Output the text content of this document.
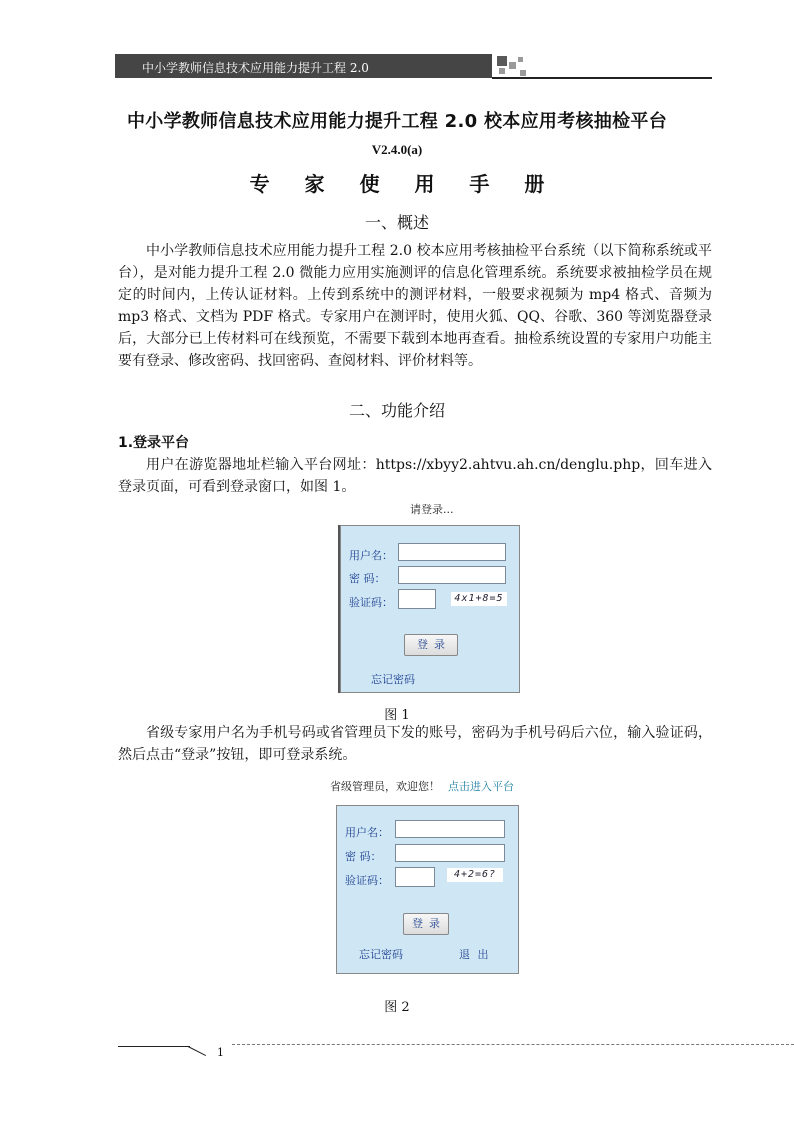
中小学教师信息技术应用能力提升工程 2.0
中小学教师信息技术应用能力提升工程 2.0 校本应用考核抽检平台
V2.4.0(a)
专 家 使 用 手 册
一、概述

中小学教师信息技术应用能力提升工程 2.0 校本应用考核抽检平台系统（以下简称系统或平台），是对能力提升工程 2.0 微能力应用实施测评的信息化管理系统。系统要求被抽检学员在规定的时间内，上传认证材料。上传到系统中的测评材料，一般要求视频为 mp4 格式、音频为 mp3 格式、文档为 PDF 格式。专家用户在测评时，使用火狐、QQ、谷歌、360 等浏览器登录后，大部分已上传材料可在线预览，不需要下载到本地再查看。抽检系统设置的专家用户功能主要有登录、修改密码、找回密码、查阅材料、评价材料等。

二、功能介绍
1.登录平台

用户在游览器地址栏输入平台网址：https://xbyy2.ahtvu.ah.cn/denglu.php，回车进入登录页面，可看到登录窗口，如图 1。

请登录...
用户名：
密 码：
验证码：	4x1+8=5
登录
忘记密码
图 1

省级专家用户名为手机号码或省管理员下发的账号，密码为手机号码后六位，输入验证码，然后点击“登录”按钮，即可登录系统。

省级管理员，欢迎您！ 点击进入平台
用户名：
密 码：
验证码：	4+2=6?
登录
忘记密码	退 出
图 2
1
